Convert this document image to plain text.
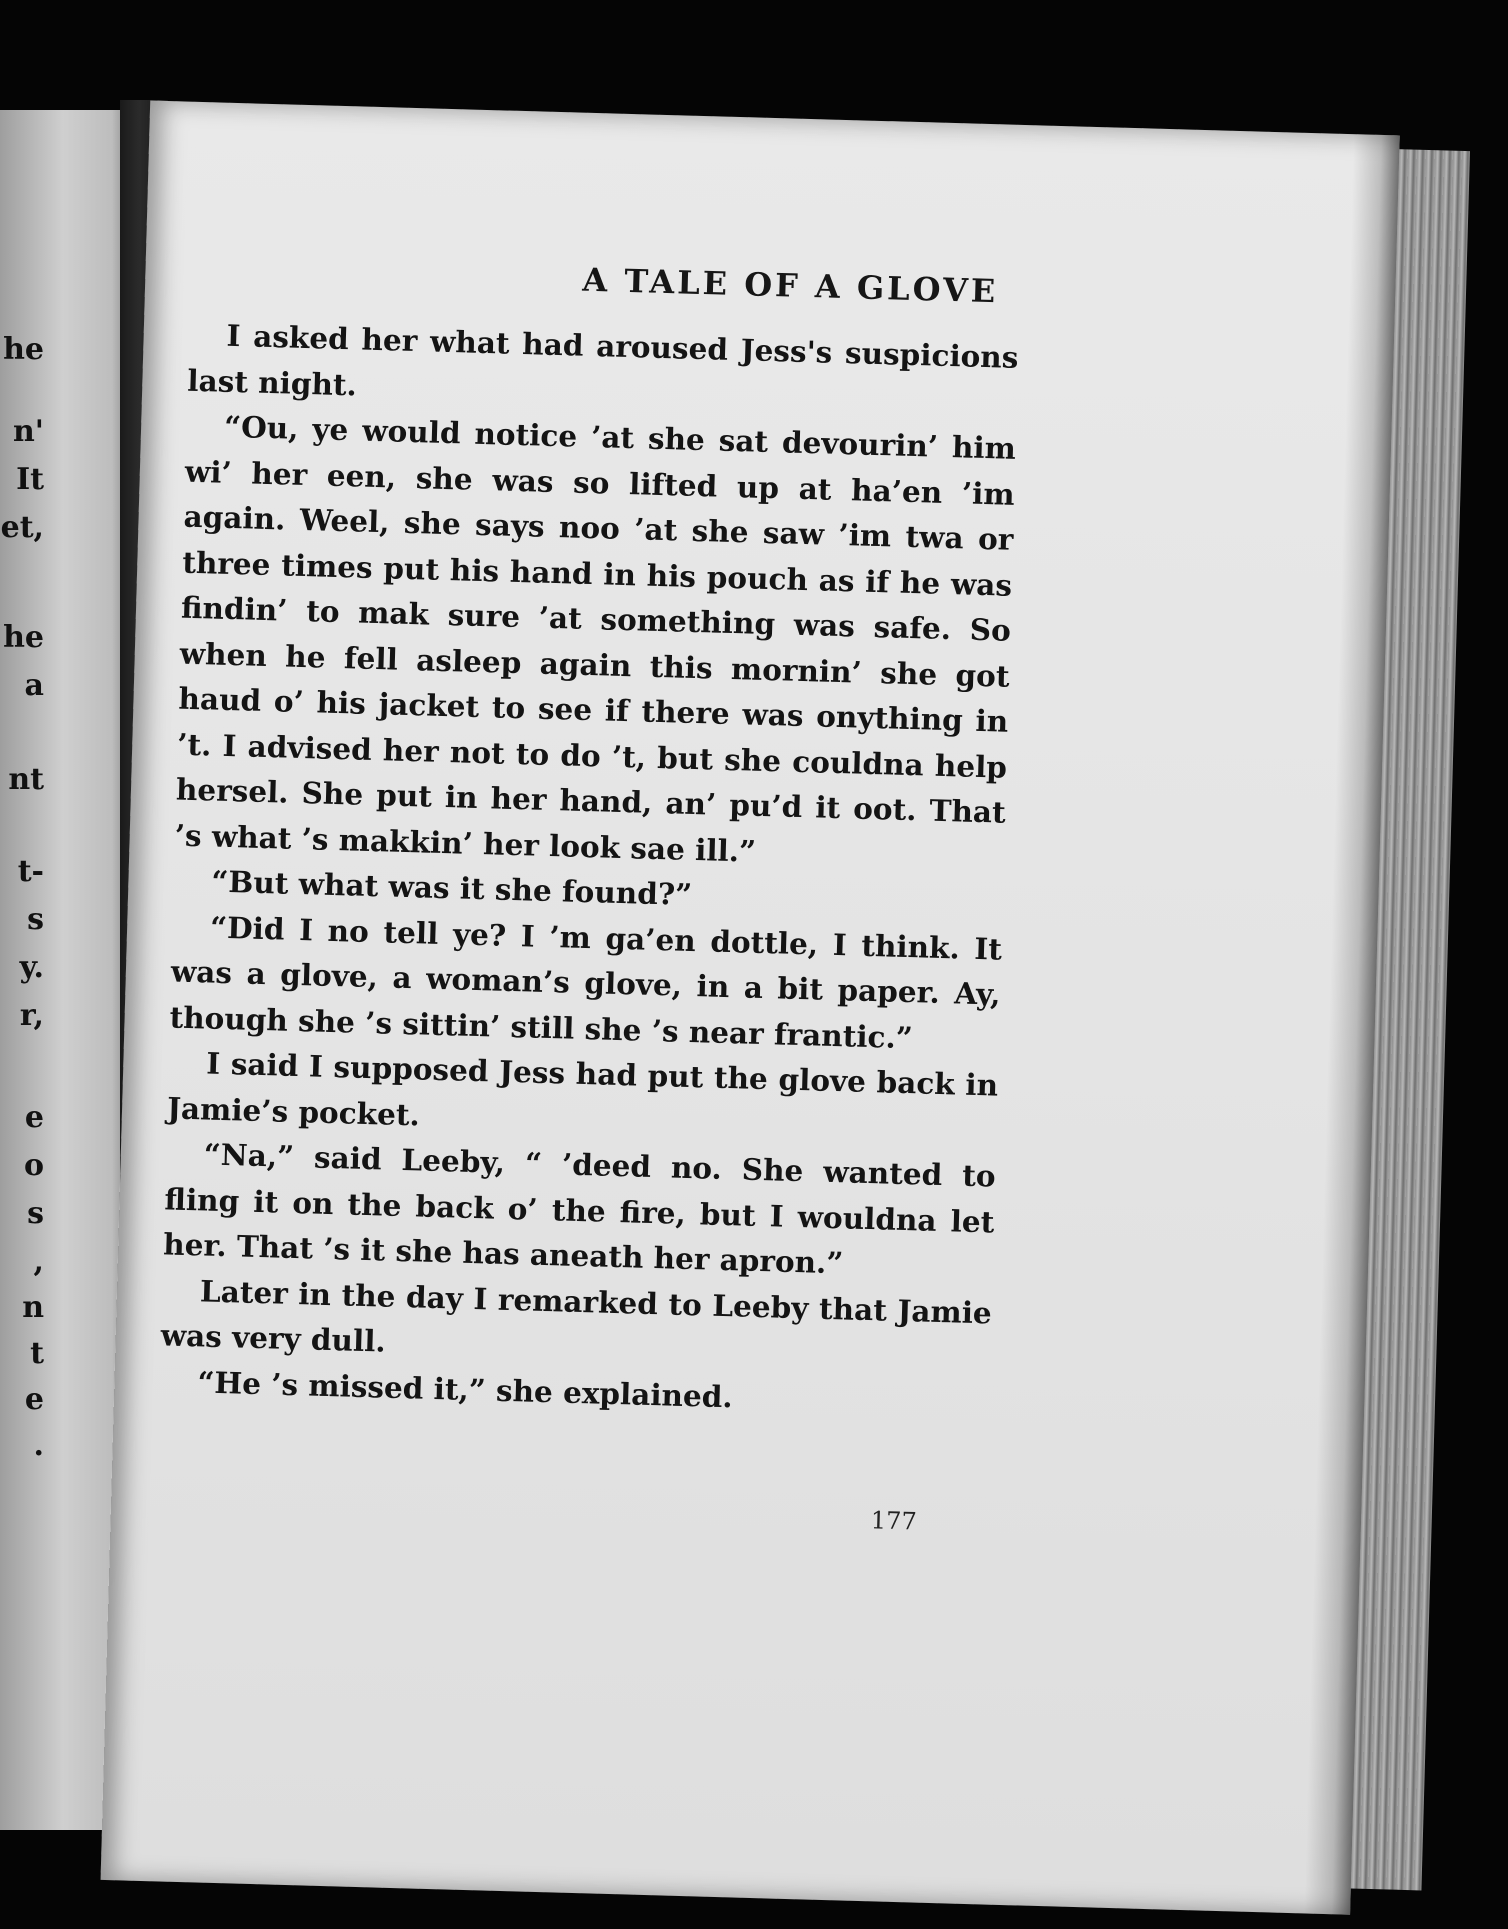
he
n'
It
et,
he
a
nt
t-
s
y.
r,
e
o
s
,
n
t
e
.
A TALE OF A GLOVE

I asked her what had aroused Jess's suspicions last night.

“Ou, ye would notice ’at she sat devourin’ him wi’ her een, she was so lifted up at ha’en ’im again. Weel, she says noo ’at she saw ’im twa or three times put his hand in his pouch as if he was findin’ to mak sure ’at something was safe. So when he fell asleep again this mornin’ she got haud o’ his jacket to see if there was onything in ’t. I advised her not to do ’t, but she couldna help hersel. She put in her hand, an’ pu’d it oot. That ’s what ’s makkin’ her look sae ill.”

“But what was it she found?”

“Did I no tell ye? I ’m ga’en dottle, I think. It was a glove, a woman’s glove, in a bit paper. Ay, though she ’s sittin’ still she ’s near frantic.”

I said I supposed Jess had put the glove back in Jamie’s pocket.

“Na,” said Leeby, “ ’deed no. She wanted to fling it on the back o’ the fire, but I wouldna let her. That ’s it she has aneath her apron.”

Later in the day I remarked to Leeby that Jamie was very dull.

“He ’s missed it,” she explained.

177
